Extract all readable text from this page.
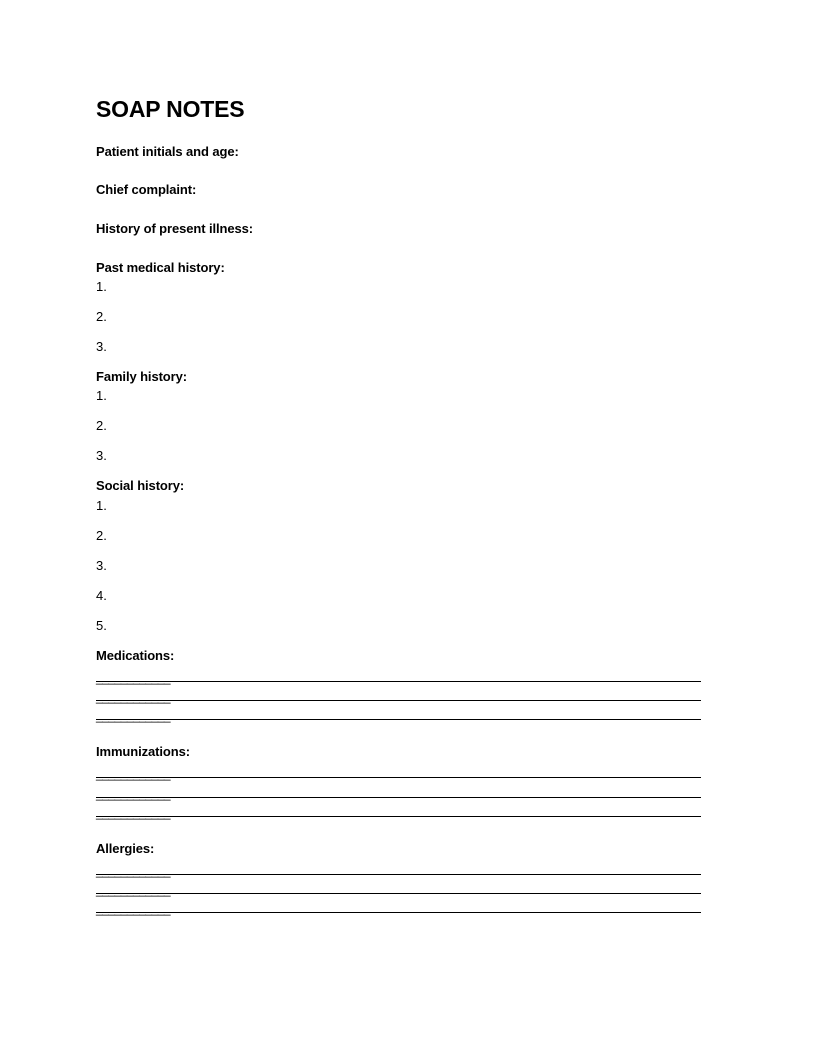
SOAP NOTES
Patient initials and age:
Chief complaint:
History of present illness:
Past medical history:
1.
2.
3.
Family history:
1.
2.
3.
Social history:
1.
2.
3.
4.
5.
Medications:
____________
____________
____________
Immunizations:
____________
____________
____________
Allergies:
____________
____________
____________
